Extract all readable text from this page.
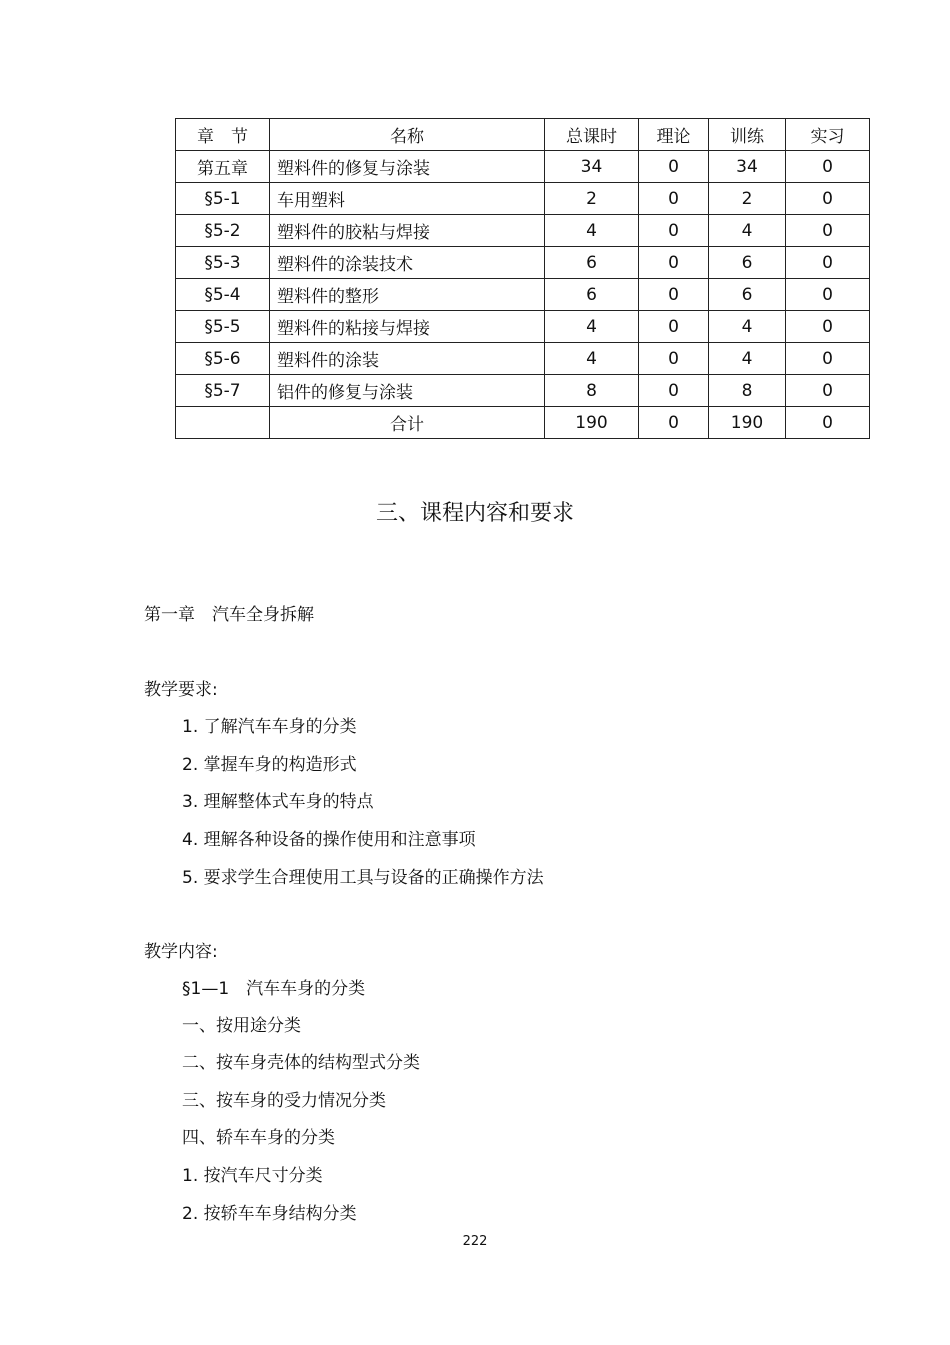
章　节	名称	总课时	理论	训练	实习
第五章	塑料件的修复与涂装	34	0	34	0
§5-1	车用塑料	2	0	2	0
§5-2	塑料件的胶粘与焊接	4	0	4	0
§5-3	塑料件的涂装技术	6	0	6	0
§5-4	塑料件的整形	6	0	6	0
§5-5	塑料件的粘接与焊接	4	0	4	0
§5-6	塑料件的涂装	4	0	4	0
§5-7	铝件的修复与涂装	8	0	8	0
	合计	190	0	190	0
三、课程内容和要求
第一章　汽车全身拆解
教学要求:
1. 了解汽车车身的分类
2. 掌握车身的构造形式
3. 理解整体式车身的特点
4. 理解各种设备的操作使用和注意事项
5. 要求学生合理使用工具与设备的正确操作方法
教学内容:
§1—1　汽车车身的分类
一、按用途分类
二、按车身壳体的结构型式分类
三、按车身的受力情况分类
四、轿车车身的分类
1. 按汽车尺寸分类
2. 按轿车车身结构分类
222
